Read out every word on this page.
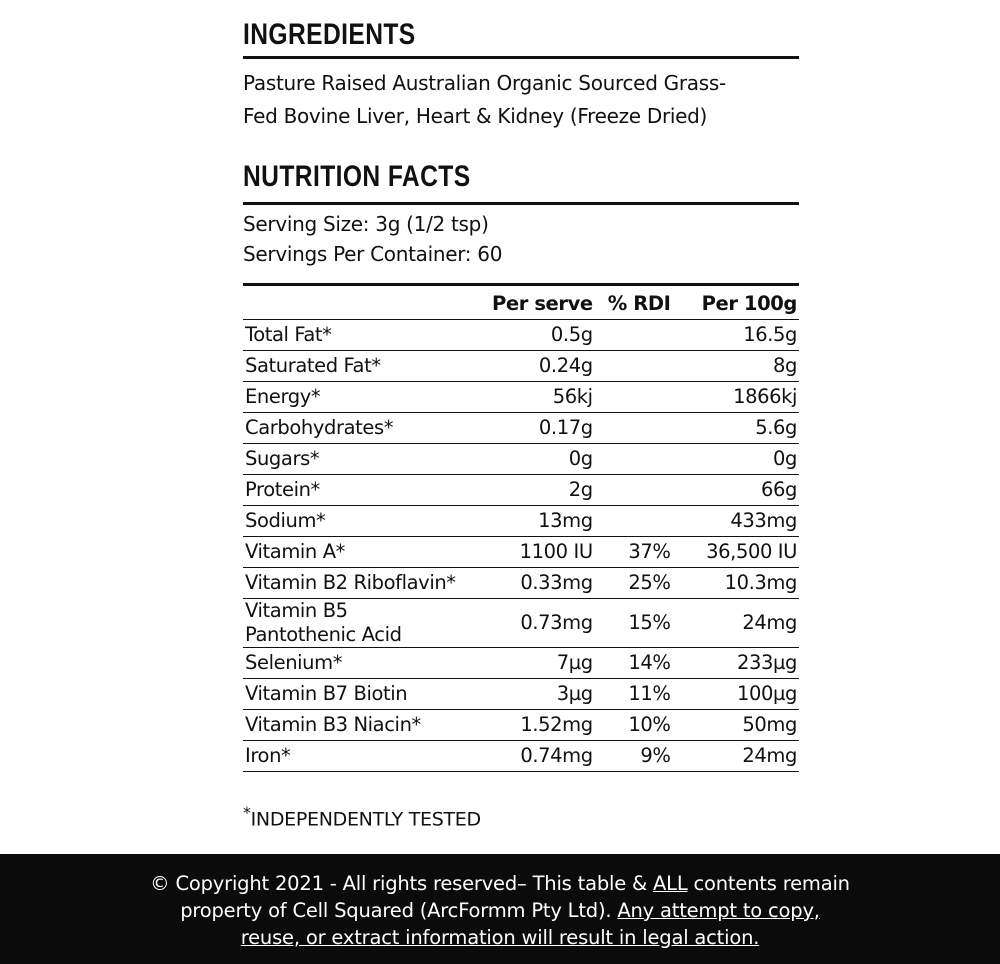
INGREDIENTS
Pasture Raised Australian Organic Sourced Grass-
Fed Bovine Liver, Heart & Kidney (Freeze Dried)
NUTRITION FACTS
Serving Size: 3g (1/2 tsp)
Servings Per Container: 60
	Per serve	% RDI	Per 100g
Total Fat*	0.5g		16.5g
Saturated Fat*	0.24g		8g
Energy*	56kj		1866kj
Carbohydrates*	0.17g		5.6g
Sugars*	0g		0g
Protein*	2g		66g
Sodium*	13mg		433mg
Vitamin A*	1100 IU	37%	36,500 IU
Vitamin B2 Riboflavin*	0.33mg	25%	10.3mg

Vitamin B5
Pantothenic Acid	0.73mg	15%	24mg
Selenium*	7µg	14%	233µg
Vitamin B7 Biotin	3µg	11%	100µg
Vitamin B3 Niacin*	1.52mg	10%	50mg
Iron*	0.74mg	9%	24mg
*INDEPENDENTLY TESTED
© Copyright 2021 - All rights reserved– This table & ALL contents remain
property of Cell Squared (ArcFormm Pty Ltd). Any attempt to copy,
reuse, or extract information will result in legal action.
